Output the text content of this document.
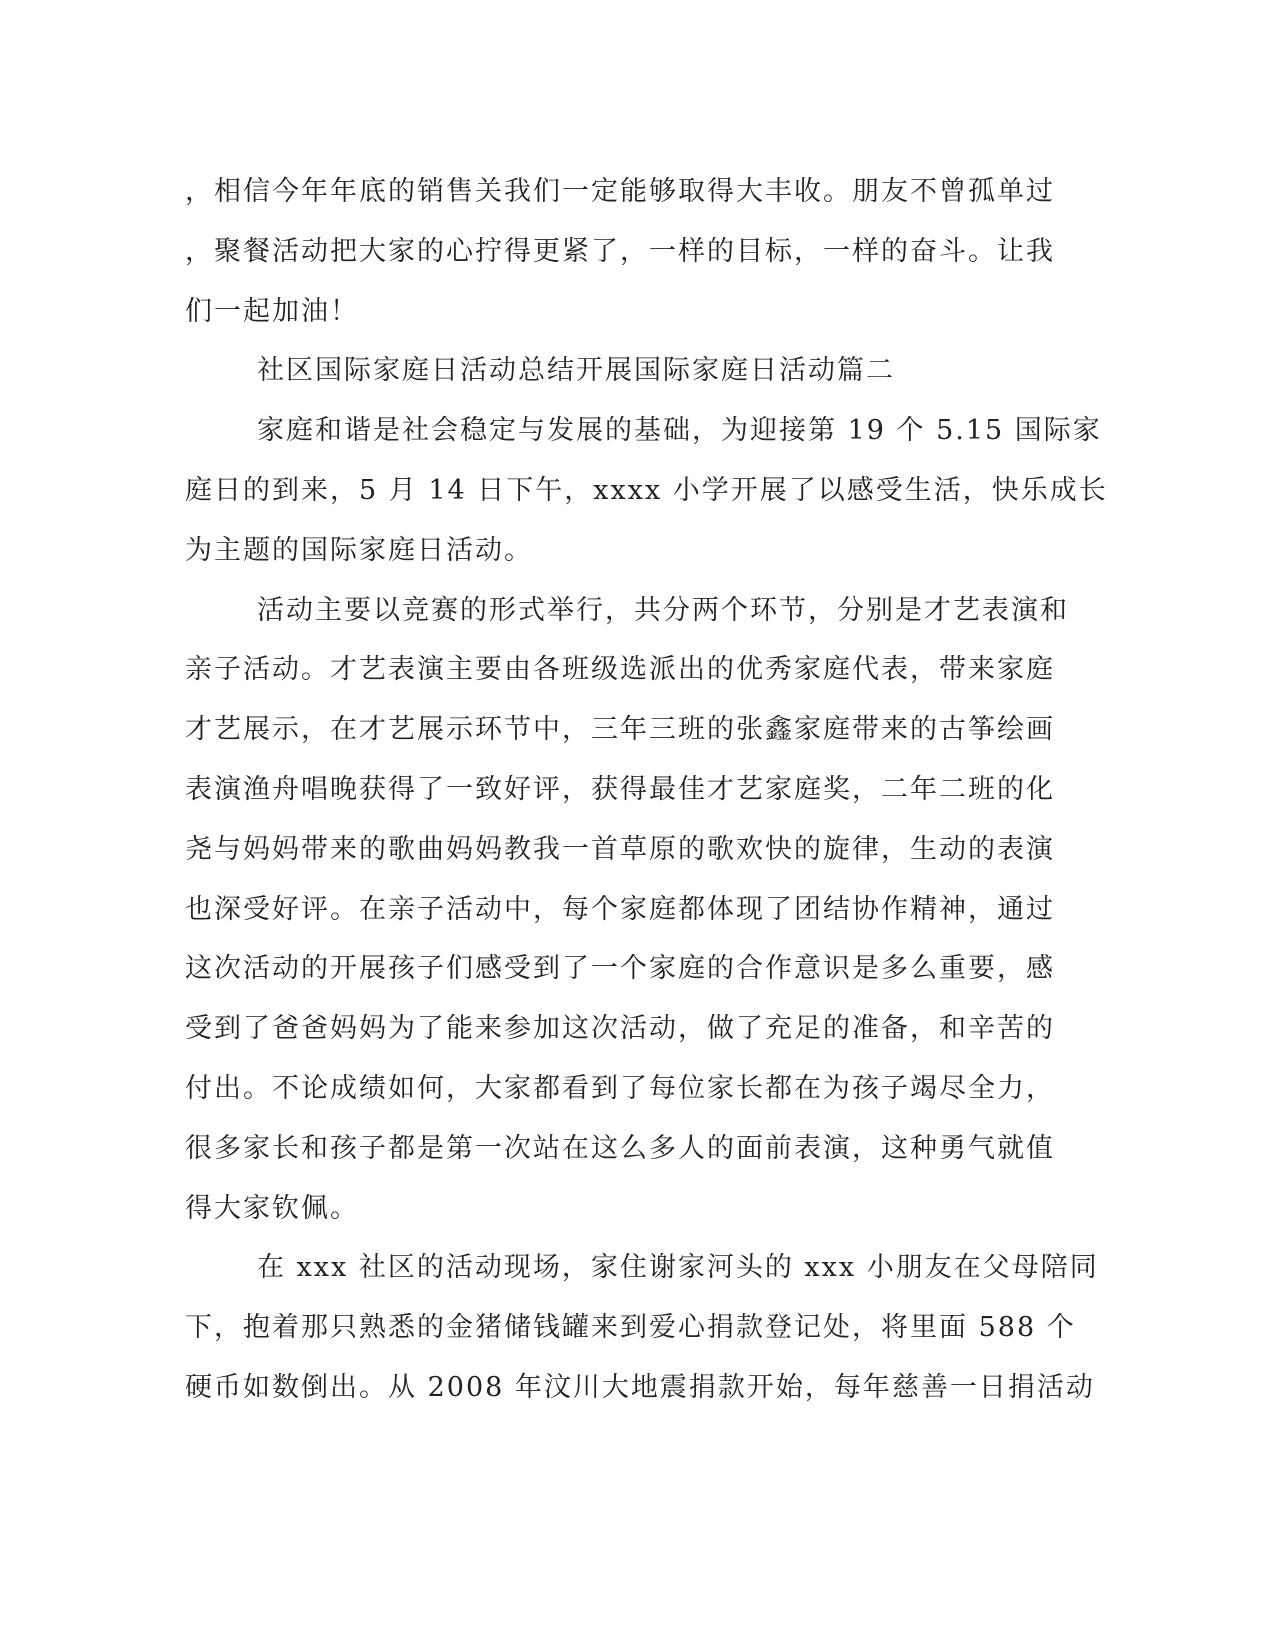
，相信今年年底的销售关我们一定能够取得大丰收。朋友不曾孤单过
，聚餐活动把大家的心拧得更紧了，一样的目标，一样的奋斗。让我
们一起加油！
社区国际家庭日活动总结开展国际家庭日活动篇二
家庭和谐是社会稳定与发展的基础，为迎接第 19 个 5.15 国际家
庭日的到来，5 月 14 日下午，xxxx 小学开展了以感受生活，快乐成长
为主题的国际家庭日活动。
活动主要以竞赛的形式举行，共分两个环节，分别是才艺表演和
亲子活动。才艺表演主要由各班级选派出的优秀家庭代表，带来家庭
才艺展示，在才艺展示环节中，三年三班的张鑫家庭带来的古筝绘画
表演渔舟唱晚获得了一致好评，获得最佳才艺家庭奖，二年二班的化
尧与妈妈带来的歌曲妈妈教我一首草原的歌欢快的旋律，生动的表演
也深受好评。在亲子活动中，每个家庭都体现了团结协作精神，通过
这次活动的开展孩子们感受到了一个家庭的合作意识是多么重要，感
受到了爸爸妈妈为了能来参加这次活动，做了充足的准备，和辛苦的
付出。不论成绩如何，大家都看到了每位家长都在为孩子竭尽全力，
很多家长和孩子都是第一次站在这么多人的面前表演，这种勇气就值
得大家钦佩。
在 xxx 社区的活动现场，家住谢家河头的 xxx 小朋友在父母陪同
下，抱着那只熟悉的金猪储钱罐来到爱心捐款登记处，将里面 588 个
硬币如数倒出。从 2008 年汶川大地震捐款开始，每年慈善一日捐活动
